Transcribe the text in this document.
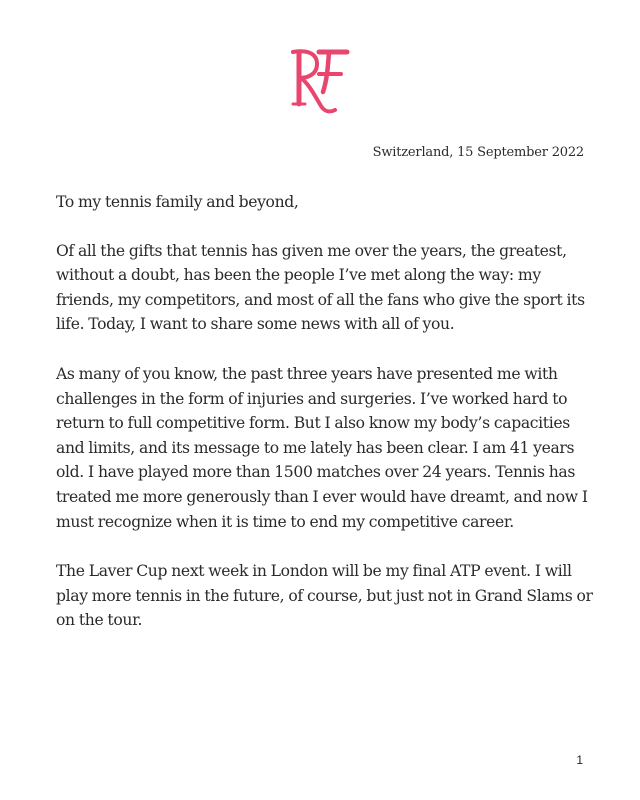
Switzerland, 15 September 2022

To my tennis family and beyond,

Of all the gifts that tennis has given me over the years, the greatest, without a doubt, has been the people I’ve met along the way: my friends, my competitors, and most of all the fans who give the sport its life. Today, I want to share some news with all of you.

As many of you know, the past three years have presented me with challenges in the form of injuries and surgeries. I’ve worked hard to return to full competitive form. But I also know my body’s capacities and limits, and its message to me lately has been clear. I am 41 years old. I have played more than 1500 matches over 24 years. Tennis has treated me more generously than I ever would have dreamt, and now I must recognize when it is time to end my competitive career.

The Laver Cup next week in London will be my final ATP event. I will play more tennis in the future, of course, but just not in Grand Slams or on the tour.

1
